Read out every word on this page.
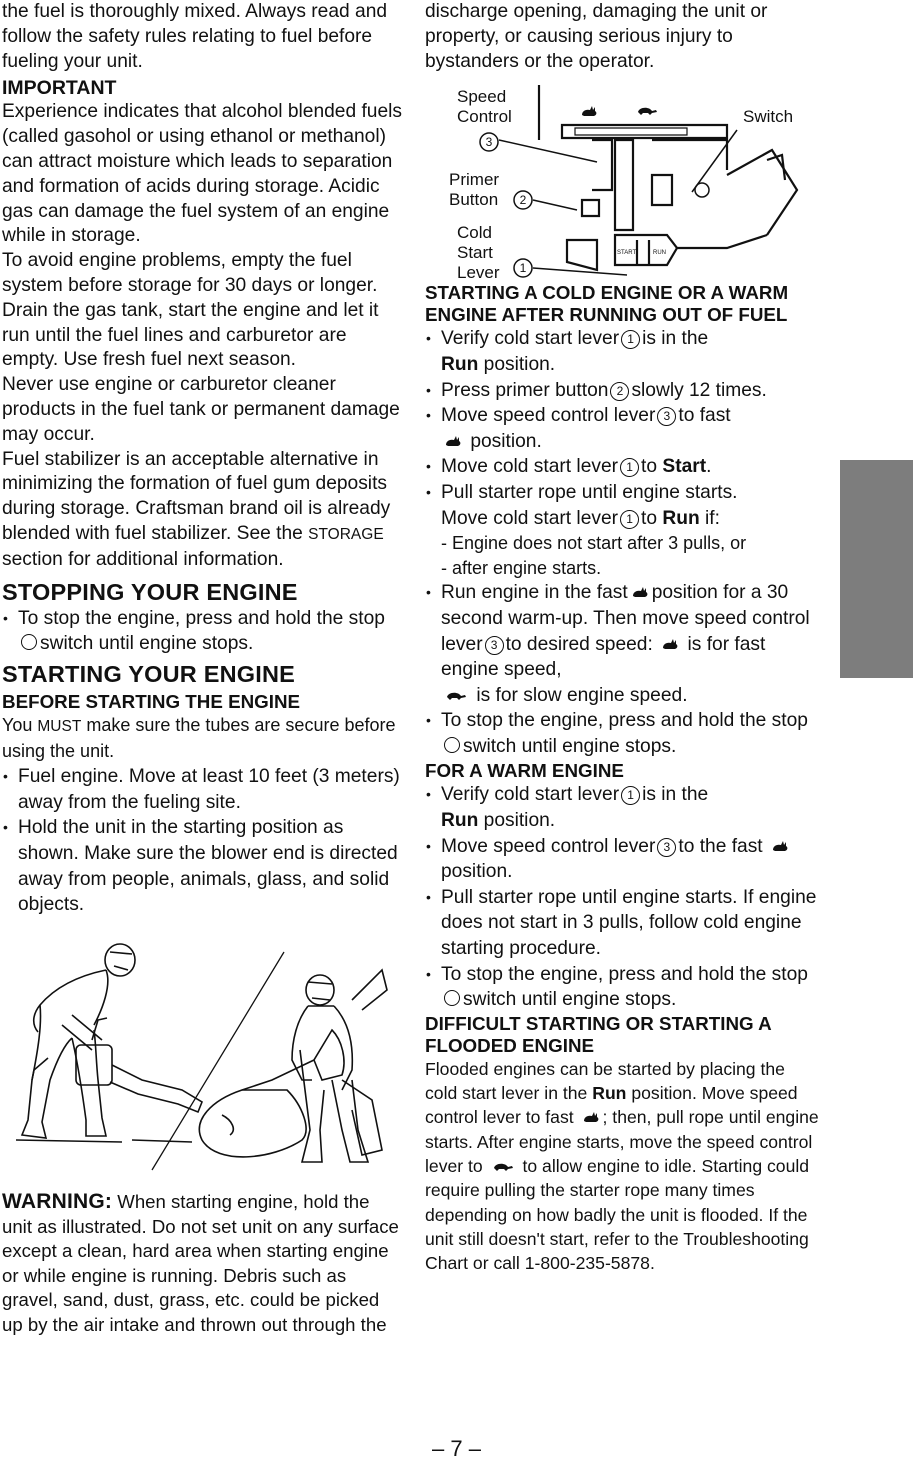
the fuel is thoroughly mixed. Always read and follow the safety rules relating to fuel before fueling your unit.

IMPORTANT

Experience indicates that alcohol blended fuels (called gasohol or using ethanol or methanol) can attract moisture which leads to separation and formation of acids during storage. Acidic gas can damage the fuel system of an engine while in storage.

To avoid engine problems, empty the fuel system before storage for 30 days or longer. Drain the gas tank, start the engine and let it run until the fuel lines and carburetor are empty. Use fresh fuel next season.

Never use engine or carburetor cleaner products in the fuel tank or permanent damage may occur.

Fuel stabilizer is an acceptable alternative in minimizing the formation of fuel gum deposits during storage. Craftsman brand oil is already blended with fuel stabilizer. See the STORAGE section for additional information.

STOPPING YOUR ENGINE

• To stop the engine, press and hold the stopswitch until engine stops.

STARTING YOUR ENGINE

BEFORE STARTING THE ENGINE

You MUST make sure the tubes are secure before using the unit.

• Fuel engine. Move at least 10 feet (3 meters) away from the fueling site.

• Hold the unit in the starting position as shown. Make sure the blower end is directed away from people, animals, glass, and solid objects.

WARNING: When starting engine, hold the unit as illustrated. Do not set unit on any surface except a clean, hard area when starting engine or while engine is running. Debris such as gravel, sand, dust, grass, etc. could be picked up by the air intake and thrown out through the

discharge opening, damaging the unit or property, or causing serious injury to bystanders or the operator.

Speed
Control	Switch
Primer
Button
Cold
Start
Lever
3
2
1
START	RUN

STARTING A COLD ENGINE OR A WARM ENGINE AFTER RUNNING OUT OF FUEL

• Verify cold start lever 1 is in the
Run position.

• Press primer button 2 slowly 12 times.

• Move speed control lever 3 to fast
position.

• Move cold start lever 1 to Start.

• Pull starter rope until engine starts.
Move cold start lever 1 to Run if:

- Engine does not start after 3 pulls, or

- after engine starts.

• Run engine in the fast position for a 30 second warm-up. Then move speed control lever 3 to desired speed: is for fast engine speed,
is for slow engine speed.

• To stop the engine, press and hold the stopswitch until engine stops.

FOR A WARM ENGINE

• Verify cold start lever 1 is in the
Run position.

• Move speed control lever 3 to the fast  position.

• Pull starter rope until engine starts. If engine does not start in 3 pulls, follow cold engine starting procedure.

• To stop the engine, press and hold the stopswitch until engine stops.

DIFFICULT STARTING OR STARTING A FLOODED ENGINE

Flooded engines can be started by placing the cold start lever in the Run position. Move speed control lever to fast ; then, pull rope until engine starts. After engine starts, move the speed control lever to to allow engine to idle. Starting could require pulling the starter rope many times depending on how badly the unit is flooded. If the unit still doesn't start, refer to the Troubleshooting Chart or call 1-800-235-5878.

– 7 –
